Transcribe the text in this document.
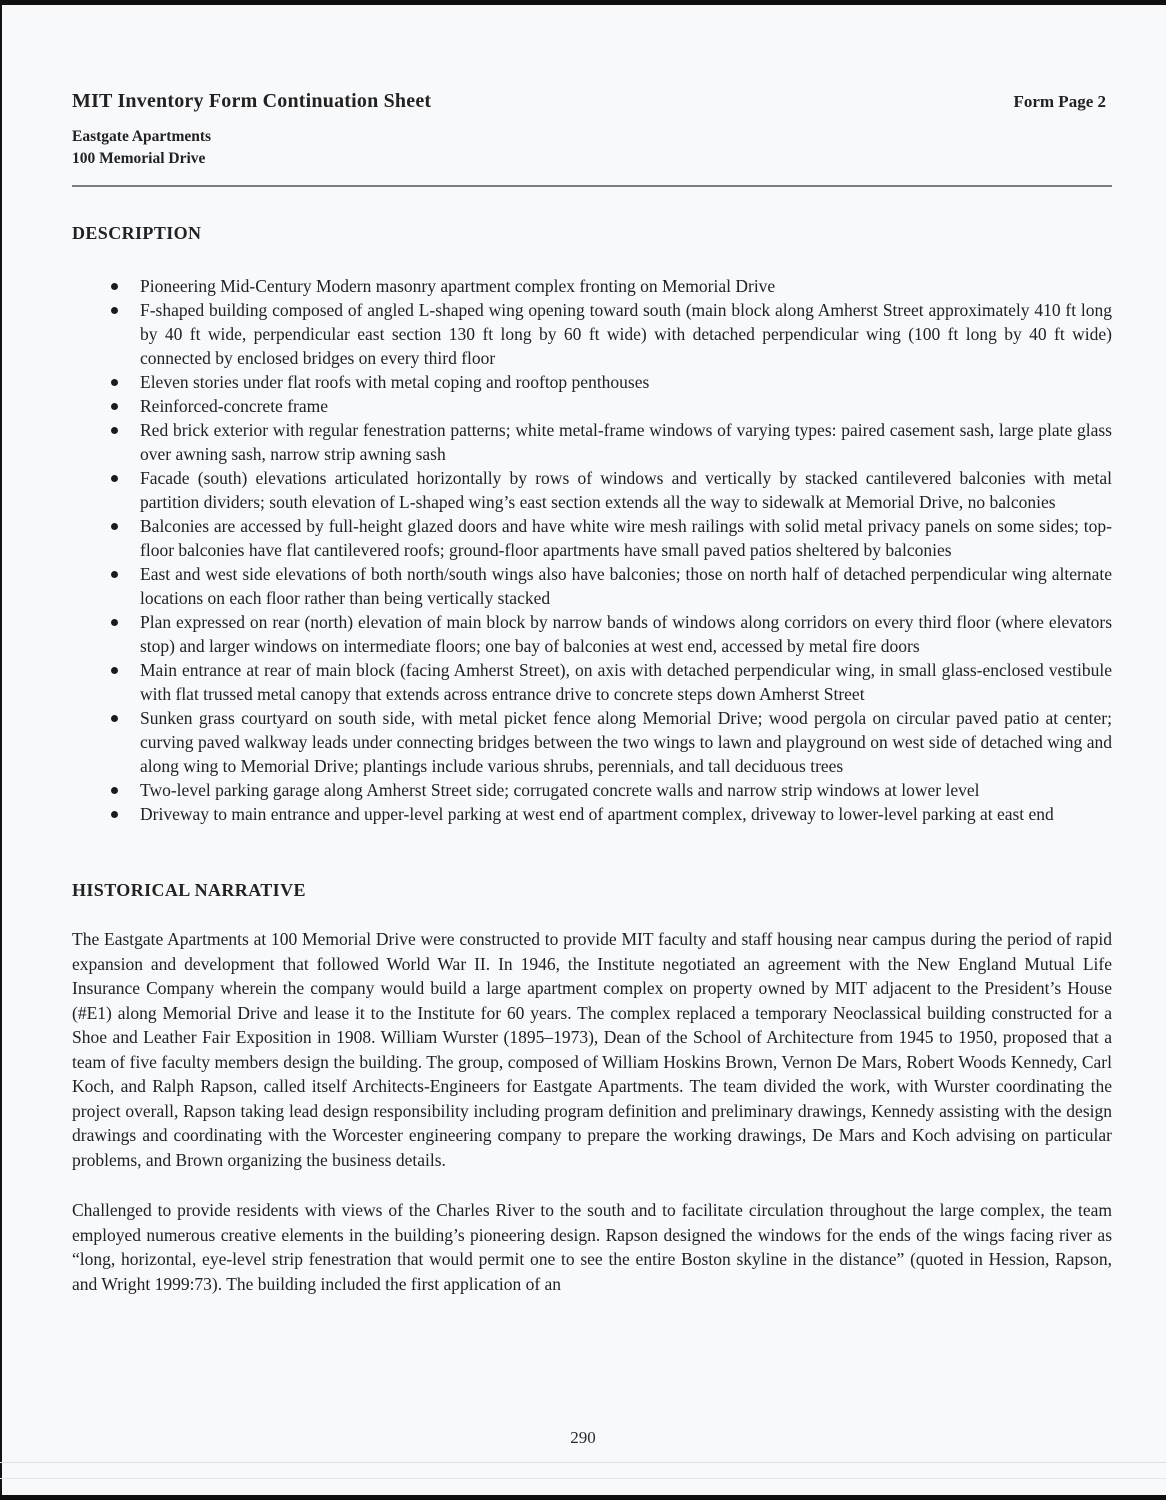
MIT Inventory Form Continuation Sheet	Form Page 2
Eastgate Apartments
100 Memorial Drive
DESCRIPTION
Pioneering Mid-Century Modern masonry apartment complex fronting on Memorial Drive
F-shaped building composed of angled L-shaped wing opening toward south (main block along Amherst Street approximately 410 ft long by 40 ft wide, perpendicular east section 130 ft long by 60 ft wide) with detached perpendicular wing (100 ft long by 40 ft wide) connected by enclosed bridges on every third floor
Eleven stories under flat roofs with metal coping and rooftop penthouses
Reinforced-concrete frame
Red brick exterior with regular fenestration patterns; white metal-frame windows of varying types: paired casement sash, large plate glass over awning sash, narrow strip awning sash
Facade (south) elevations articulated horizontally by rows of windows and vertically by stacked cantilevered balconies with metal partition dividers; south elevation of L-shaped wing’s east section extends all the way to sidewalk at Memorial Drive, no balconies
Balconies are accessed by full-height glazed doors and have white wire mesh railings with solid metal privacy panels on some sides; top-floor balconies have flat cantilevered roofs; ground-floor apartments have small paved patios sheltered by balconies
East and west side elevations of both north/south wings also have balconies; those on north half of detached perpendicular wing alternate locations on each floor rather than being vertically stacked
Plan expressed on rear (north) elevation of main block by narrow bands of windows along corridors on every third floor (where elevators stop) and larger windows on intermediate floors; one bay of balconies at west end, accessed by metal fire doors
Main entrance at rear of main block (facing Amherst Street), on axis with detached perpendicular wing, in small glass-enclosed vestibule with flat trussed metal canopy that extends across entrance drive to concrete steps down Amherst Street
Sunken grass courtyard on south side, with metal picket fence along Memorial Drive; wood pergola on circular paved patio at center; curving paved walkway leads under connecting bridges between the two wings to lawn and playground on west side of detached wing and along wing to Memorial Drive; plantings include various shrubs, perennials, and tall deciduous trees
Two-level parking garage along Amherst Street side; corrugated concrete walls and narrow strip windows at lower level
Driveway to main entrance and upper-level parking at west end of apartment complex, driveway to lower-level parking at east end
HISTORICAL NARRATIVE

The Eastgate Apartments at 100 Memorial Drive were constructed to provide MIT faculty and staff housing near campus during the period of rapid expansion and development that followed World War II. In 1946, the Institute negotiated an agreement with the New England Mutual Life Insurance Company wherein the company would build a large apartment complex on property owned by MIT adjacent to the President’s House (#E1) along Memorial Drive and lease it to the Institute for 60 years. The complex replaced a temporary Neoclassical building constructed for a Shoe and Leather Fair Exposition in 1908. William Wurster (1895–1973), Dean of the School of Architecture from 1945 to 1950, proposed that a team of five faculty members design the building. The group, composed of William Hoskins Brown, Vernon De Mars, Robert Woods Kennedy, Carl Koch, and Ralph Rapson, called itself Architects-Engineers for Eastgate Apartments. The team divided the work, with Wurster coordinating the project overall, Rapson taking lead design responsibility including program definition and preliminary drawings, Kennedy assisting with the design drawings and coordinating with the Worcester engineering company to prepare the working drawings, De Mars and Koch advising on particular problems, and Brown organizing the business details.

Challenged to provide residents with views of the Charles River to the south and to facilitate circulation throughout the large complex, the team employed numerous creative elements in the building’s pioneering design. Rapson designed the windows for the ends of the wings facing river as “long, horizontal, eye-level strip fenestration that would permit one to see the entire Boston skyline in the distance” (quoted in Hession, Rapson, and Wright 1999:73). The building included the first application of an

290
